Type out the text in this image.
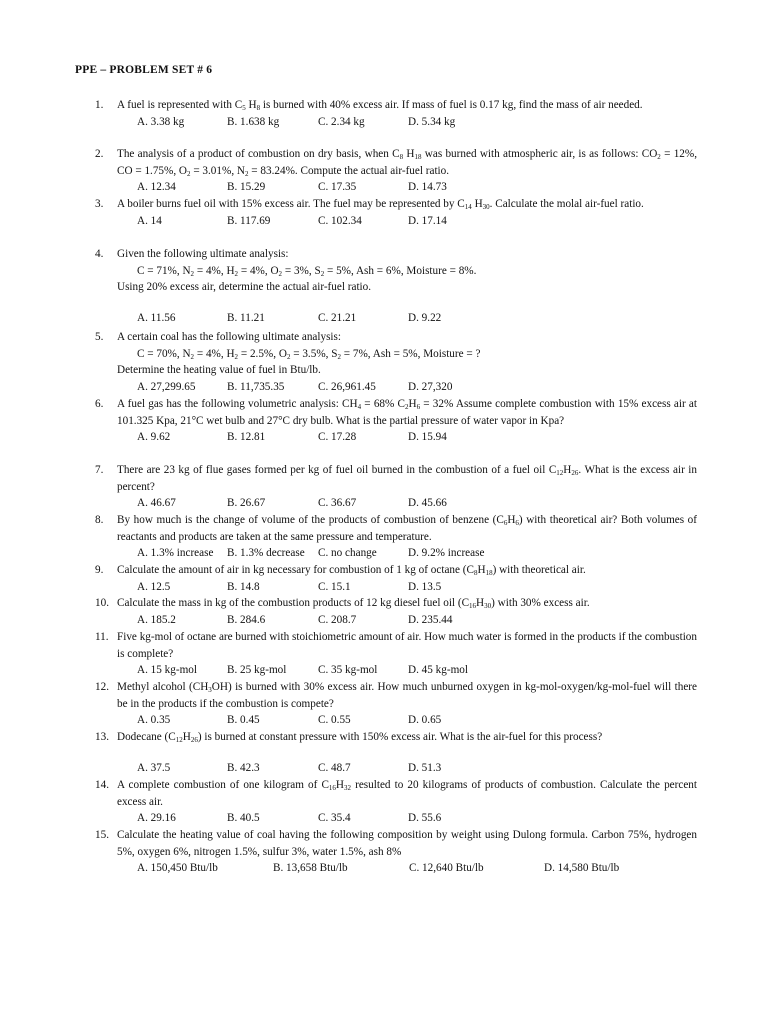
PPE – PROBLEM SET # 6
1.	A fuel is represented with $C_5$ $H_8$ is burned with 40% excess air. If mass of fuel is 0.17 kg, find the mass of air needed.
A. 3.38 kg	B. 1.638 kg	C. 2.34 kg	D. 5.34 kg
2.	The analysis of a product of combustion on dry basis, when $C_8$ $H_{18}$ was burned with atmospheric air, is as follows: $CO_2 = 12\%$, CO = 1.75%, $O_2 = 3.01\%$, $N_2 = 83.24\%$. Compute the actual air-fuel ratio.
A. 12.34	B. 15.29	C. 17.35	D. 14.73
3.	A boiler burns fuel oil with 15% excess air. The fuel may be represented by $C_{14}$ $H_{30}$. Calculate the molal air-fuel ratio.
A. 14	B. 117.69	C. 102.34	D. 17.14
4.	Given the following ultimate analysis:
C = 71%, $N_2 = 4\%$, $H_2 = 4\%$, $O_2 = 3\%$, $S_2 = 5\%$, Ash = 6%, Moisture = 8%.
Using 20% excess air, determine the actual air-fuel ratio.
A. 11.56	B. 11.21	C. 21.21	D. 9.22
5.	A certain coal has the following ultimate analysis:
C = 70%, $N_2 = 4\%$, $H_2 = 2.5\%$, $O_2 = 3.5\%$, $S_2 = 7\%$, Ash = 5%, Moisture = ?
Determine the heating value of fuel in Btu/lb.
A. 27,299.65	B. 11,735.35	C. 26,961.45	D. 27,320
6.	A fuel gas has the following volumetric analysis: $CH_4 = 68\%$ $C_2H_6 = 32\%$ Assume complete combustion with 15% excess air at 101.325 Kpa, 21°C wet bulb and 27°C dry bulb. What is the partial pressure of water vapor in Kpa?
A. 9.62	B. 12.81	C. 17.28	D. 15.94
7.	There are 23 kg of flue gases formed per kg of fuel oil burned in the combustion of a fuel oil $C_{12}H_{26}$. What is the excess air in percent?
A. 46.67	B. 26.67	C. 36.67	D. 45.66
8.	By how much is the change of volume of the products of combustion of benzene $(C_6H_6)$ with theoretical air? Both volumes of reactants and products are taken at the same pressure and temperature.
A. 1.3% increase B. 1.3% decrease C. no change	D. 9.2% increase
9.	Calculate the amount of air in kg necessary for combustion of 1 kg of octane $(C_8H_{18})$ with theoretical air.
A. 12.5	B. 14.8	C. 15.1	D. 13.5
10. Calculate the mass in kg of the combustion products of 12 kg diesel fuel oil $(C_{16}H_{30})$ with 30% excess air.
A. 185.2	B. 284.6	C. 208.7	D. 235.44
11. Five kg-mol of octane are burned with stoichiometric amount of air. How much water is formed in the products if the combustion is complete?
A. 15 kg-mol	B. 25 kg-mol	C. 35 kg-mol	D. 45 kg-mol
12. Methyl alcohol $(CH_3OH)$ is burned with 30% excess air. How much unburned oxygen in kg-mol-oxygen/kg-mol-fuel will there be in the products if the combustion is compete?
A. 0.35	B. 0.45	C. 0.55	D. 0.65
13. Dodecane $(C_{12}H_{26})$ is burned at constant pressure with 150% excess air. What is the air-fuel for this process?
A. 37.5	B. 42.3	C. 48.7	D. 51.3
14. A complete combustion of one kilogram of $C_{16}H_{32}$ resulted to 20 kilograms of products of combustion. Calculate the percent excess air.
A. 29.16	B. 40.5	C. 35.4	D. 55.6
15. Calculate the heating value of coal having the following composition by weight using Dulong formula. Carbon 75%, hydrogen 5%, oxygen 6%, nitrogen 1.5%, sulfur 3%, water 1.5%, ash 8%
A. 150,450 Btu/lb	B. 13,658 Btu/lb	C. 12,640 Btu/lb	D. 14,580 Btu/lb
